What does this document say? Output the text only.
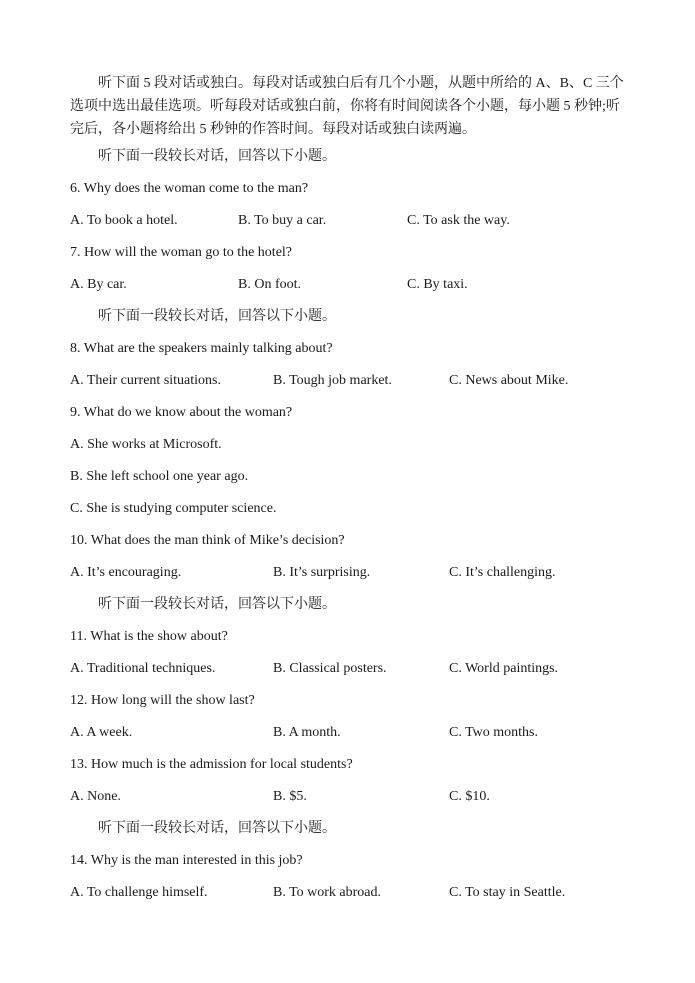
听下面 5 段对话或独白。每段对话或独白后有几个小题，从题中所给的 A、B、C 三个选项中选出最佳选项。听每段对话或独白前，你将有时间阅读各个小题，每小题 5 秒钟;听完后，各小题将给出 5 秒钟的作答时间。每段对话或独白读两遍。
听下面一段较长对话，回答以下小题。
6. Why does the woman come to the man?
A. To book a hotel.	B. To buy a car.	C. To ask the way.
7. How will the woman go to the hotel?
A. By car.	B. On foot.	C. By taxi.
听下面一段较长对话，回答以下小题。
8. What are the speakers mainly talking about?
A. Their current situations.	B. Tough job market.	C. News about Mike.
9. What do we know about the woman?
A. She works at Microsoft.
B. She left school one year ago.
C. She is studying computer science.
10. What does the man think of Mike’s decision?
A. It’s encouraging.	B. It’s surprising.	C. It’s challenging.
听下面一段较长对话，回答以下小题。
11. What is the show about?
A. Traditional techniques.	B. Classical posters.	C. World paintings.
12. How long will the show last?
A. A week.	B. A month.	C. Two months.
13. How much is the admission for local students?
A. None.	B. $5.	C. $10.
听下面一段较长对话，回答以下小题。
14. Why is the man interested in this job?
A. To challenge himself.	B. To work abroad.	C. To stay in Seattle.
